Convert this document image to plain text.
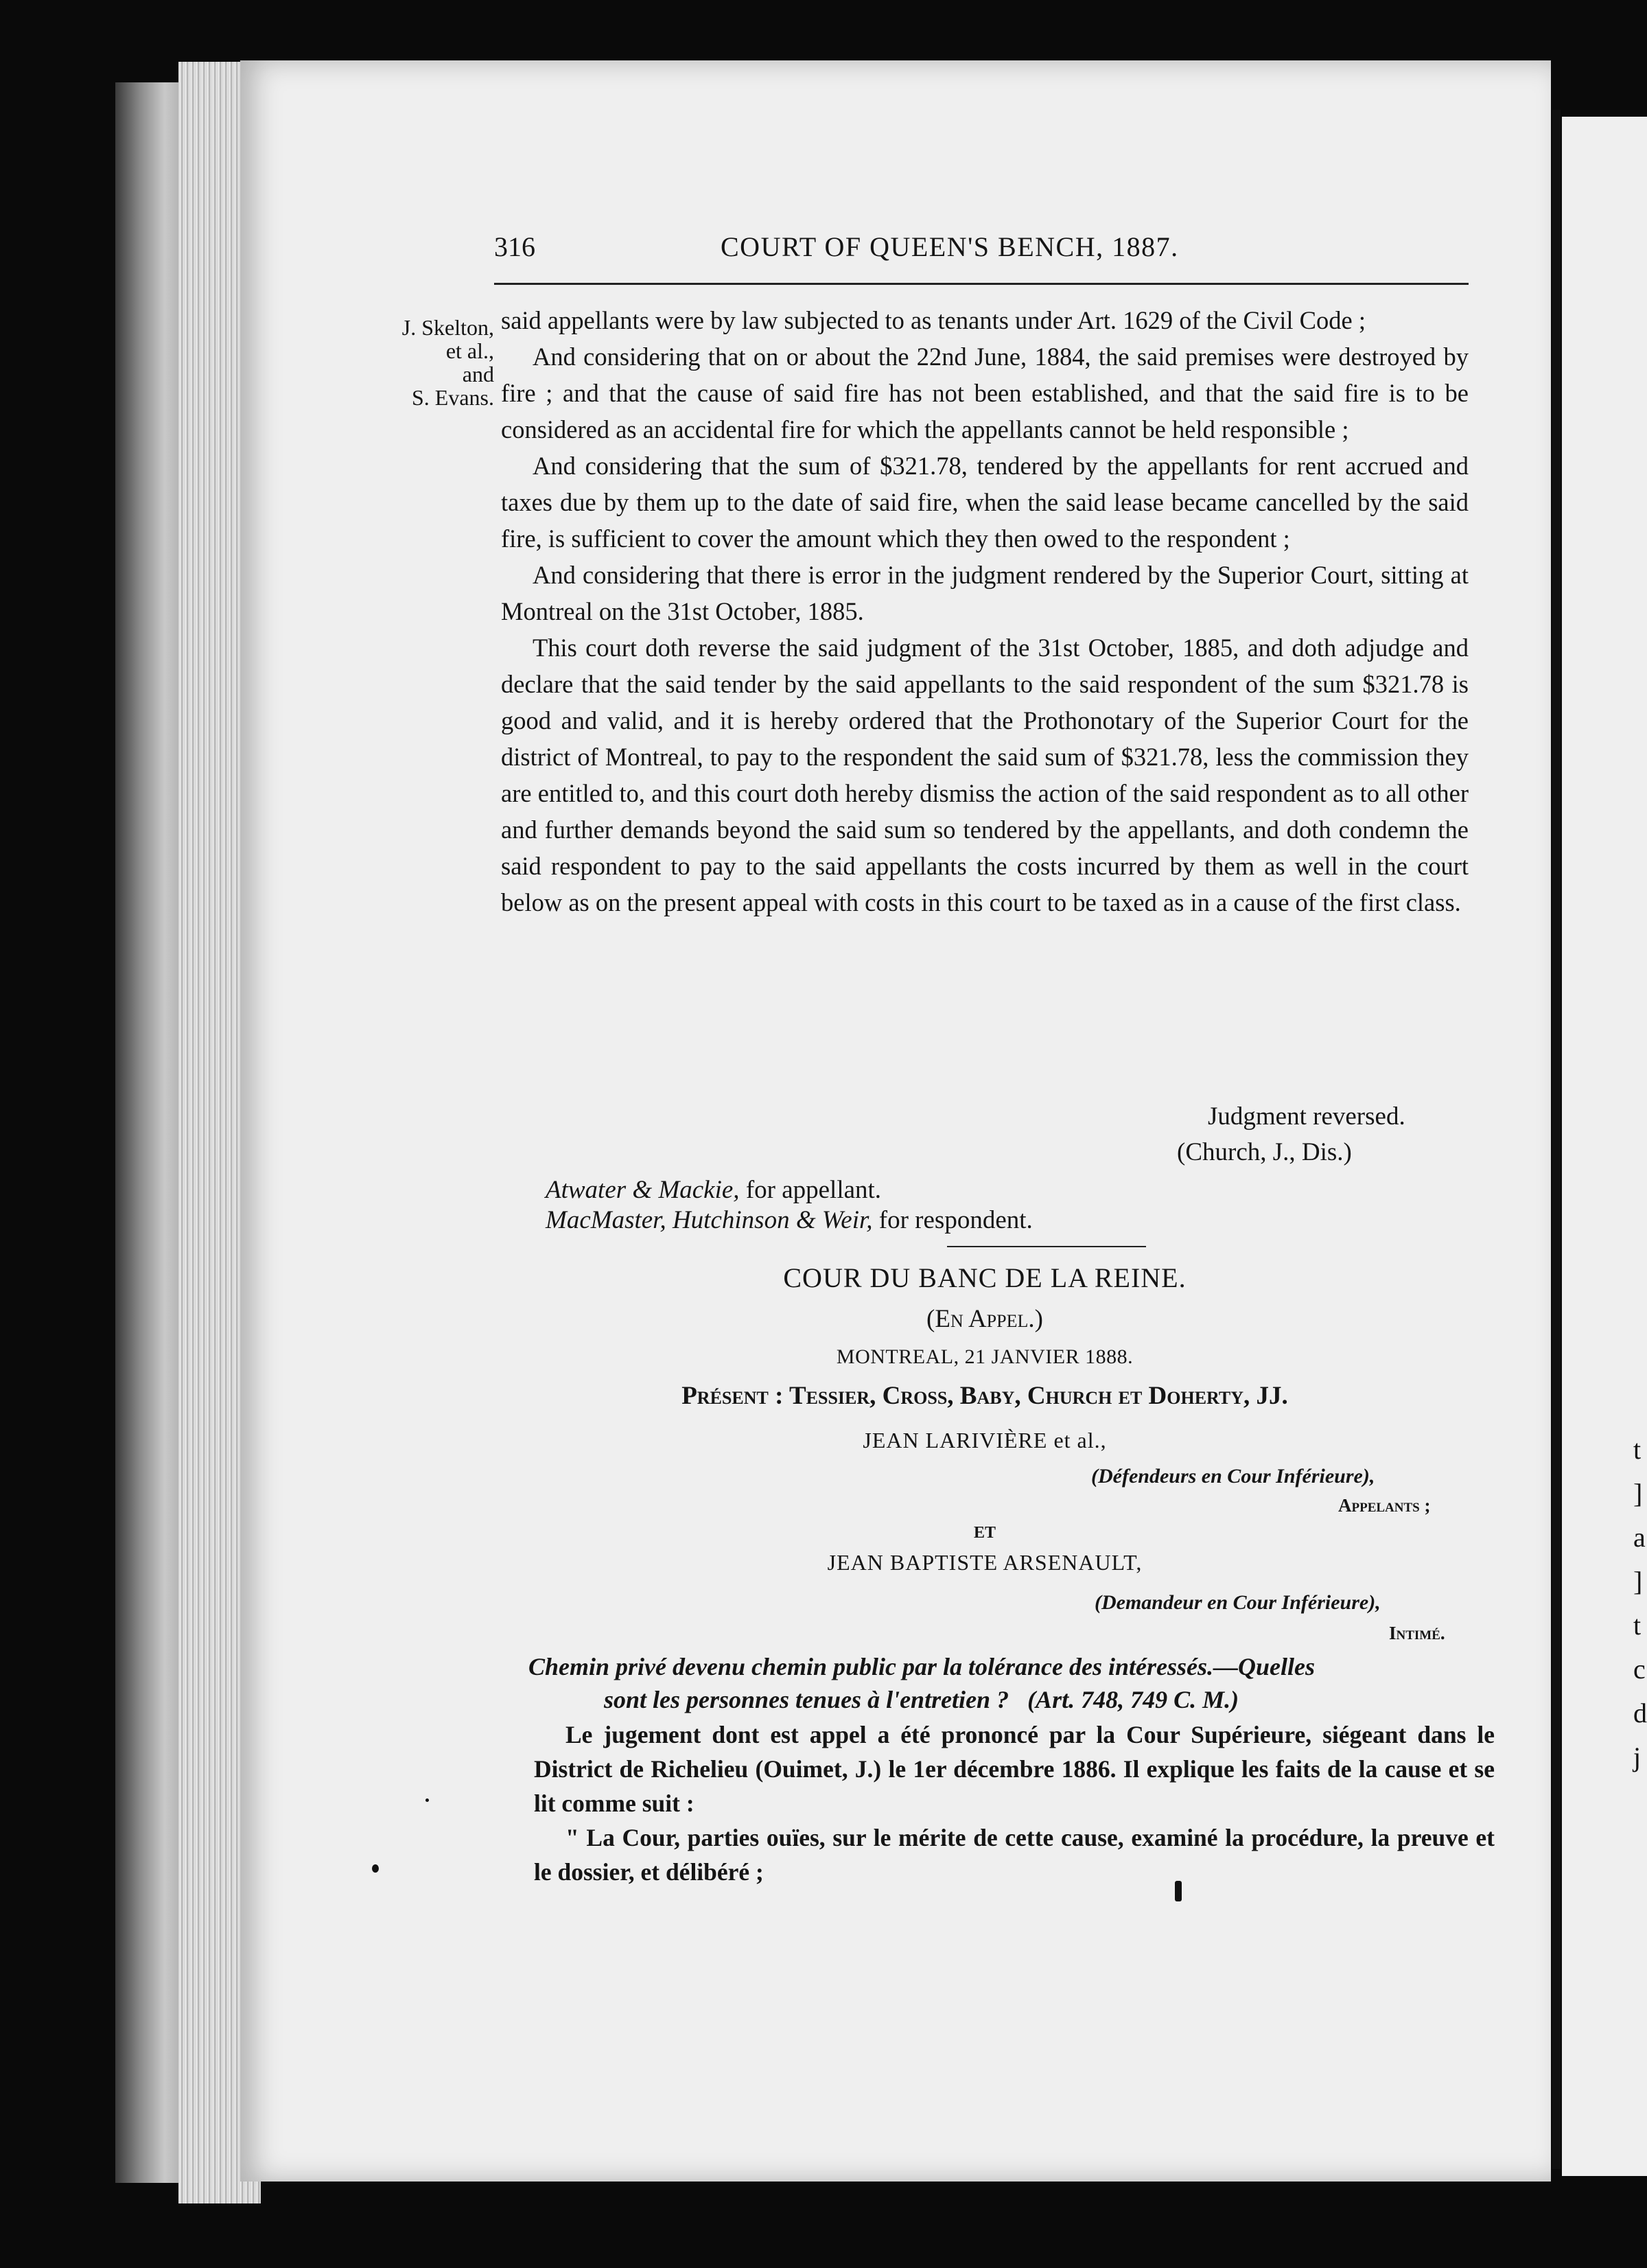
t
]
a
]
t
c
d
j
316	COURT OF QUEEN'S BENCH, 1887.
J. Skelton,
et al.,
and
S. Evans.

said appellants were by law subjected to as tenants under Art. 1629 of the Civil Code ;

And considering that on or about the 22nd June, 1884, the said premises were destroyed by fire ; and that the cause of said fire has not been established, and that the said fire is to be considered as an accidental fire for which the appellants cannot be held responsible ;

And considering that the sum of $321.78, tendered by the appellants for rent accrued and taxes due by them up to the date of said fire, when the said lease became cancelled by the said fire, is sufficient to cover the amount which they then owed to the respondent ;

And considering that there is error in the judgment rendered by the Superior Court, sitting at Montreal on the 31st October, 1885.

This court doth reverse the said judgment of the 31st October, 1885, and doth adjudge and declare that the said tender by the said appellants to the said respondent of the sum $321.78 is good and valid, and it is hereby ordered that the Prothonotary of the Superior Court for the district of Montreal, to pay to the respondent the said sum of $321.78, less the commission they are entitled to, and this court doth hereby dismiss the action of the said respondent as to all other and further demands beyond the said sum so tendered by the appellants, and doth condemn the said respondent to pay to the said appellants the costs incurred by them as well in the court below as on the present appeal with costs in this court to be taxed as in a cause of the first class.

Judgment reversed.
(Church, J., Dis.)
Atwater & Mackie, for appellant.
MacMaster, Hutchinson & Weir, for respondent.
COUR DU BANC DE LA REINE.
(En Appel.)
MONTREAL, 21 JANVIER 1888.
Présent : Tessier, Cross, Baby, Church et Doherty, JJ.
JEAN LARIVIÈRE et al.,
(Défendeurs en Cour Inférieure),
Appelants ;
ET
JEAN BAPTISTE ARSENAULT,
(Demandeur en Cour Inférieure),
Intimé.
Chemin privé devenu chemin public par la tolérance des intéressés.—Quelles
sont les personnes tenues à l'entretien ? (Art. 748, 749 C. M.)

Le jugement dont est appel a été prononcé par la Cour Supérieure, siégeant dans le District de Richelieu (Ouimet, J.) le 1er décembre 1886. Il explique les faits de la cause et se lit comme suit :

" La Cour, parties ouïes, sur le mérite de cette cause, examiné la procédure, la preuve et le dossier, et délibéré ;
